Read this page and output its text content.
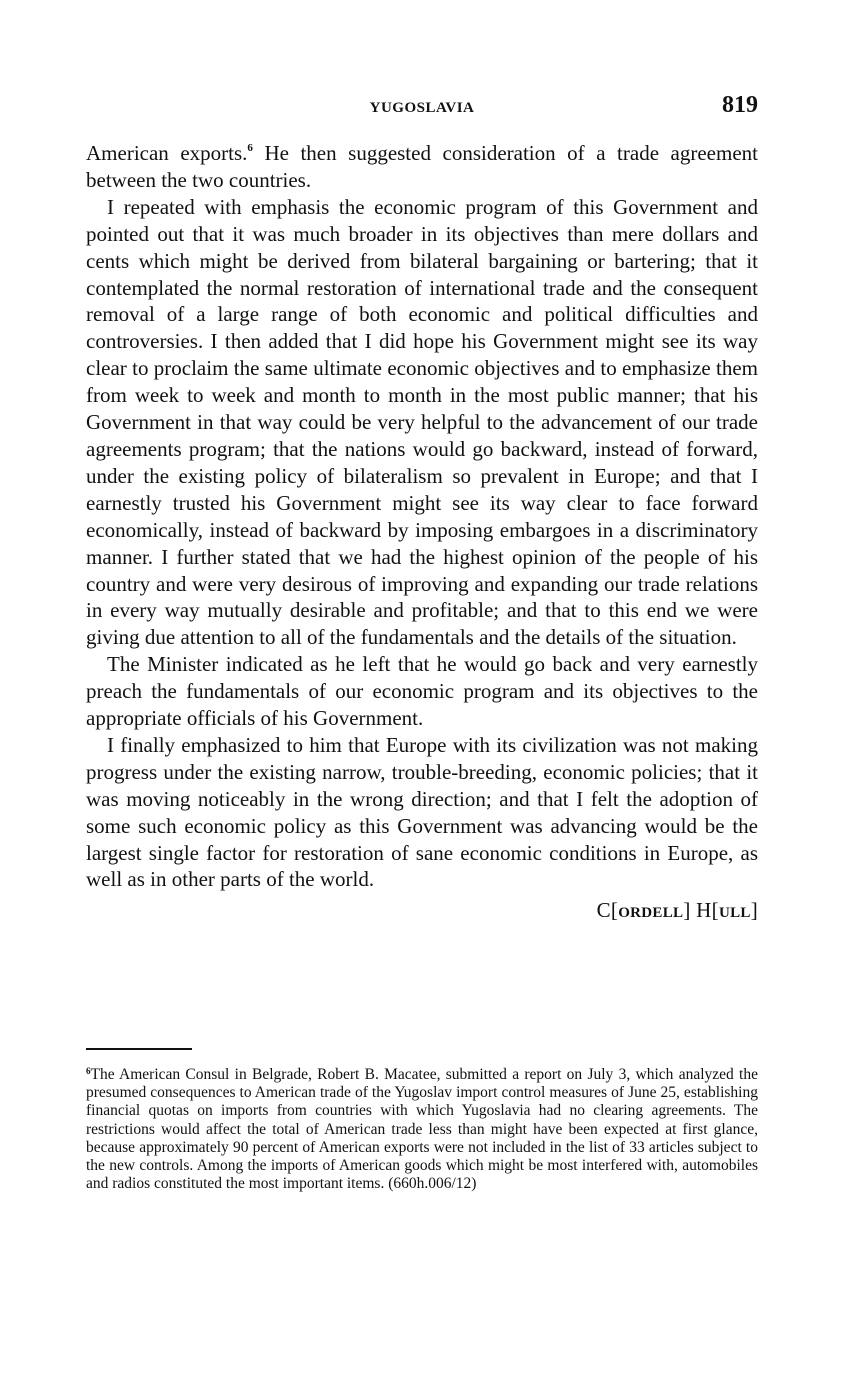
YUGOSLAVIA	819

American exports.$^6$ He then suggested consideration of a trade agreement between the two countries.

I repeated with emphasis the economic program of this Government and pointed out that it was much broader in its objectives than mere dollars and cents which might be derived from bilateral bargaining or bartering; that it contemplated the normal restoration of international trade and the consequent removal of a large range of both economic and political difficulties and controversies. I then added that I did hope his Government might see its way clear to proclaim the same ultimate economic objectives and to emphasize them from week to week and month to month in the most public manner; that his Government in that way could be very helpful to the advancement of our trade agreements program; that the nations would go backward, instead of forward, under the existing policy of bilateralism so prevalent in Europe; and that I earnestly trusted his Government might see its way clear to face forward economically, instead of backward by imposing embargoes in a discriminatory manner. I further stated that we had the highest opinion of the people of his country and were very desirous of improving and expanding our trade relations in every way mutually desirable and profitable; and that to this end we were giving due attention to all of the fundamentals and the details of the situation.

The Minister indicated as he left that he would go back and very earnestly preach the fundamentals of our economic program and its objectives to the appropriate officials of his Government.

I finally emphasized to him that Europe with its civilization was not making progress under the existing narrow, trouble-breeding, economic policies; that it was moving noticeably in the wrong direction; and that I felt the adoption of some such economic policy as this Government was advancing would be the largest single factor for restoration of sane economic conditions in Europe, as well as in other parts of the world.

C[ORDELL] H[ULL]

$^6$The American Consul in Belgrade, Robert B. Macatee, submitted a report on July 3, which analyzed the presumed consequences to American trade of the Yugoslav import control measures of June 25, establishing financial quotas on imports from countries with which Yugoslavia had no clearing agreements. The restrictions would affect the total of American trade less than might have been expected at first glance, because approximately 90 percent of American exports were not included in the list of 33 articles subject to the new controls. Among the imports of American goods which might be most interfered with, automobiles and radios constituted the most important items. (660h.006/12)
